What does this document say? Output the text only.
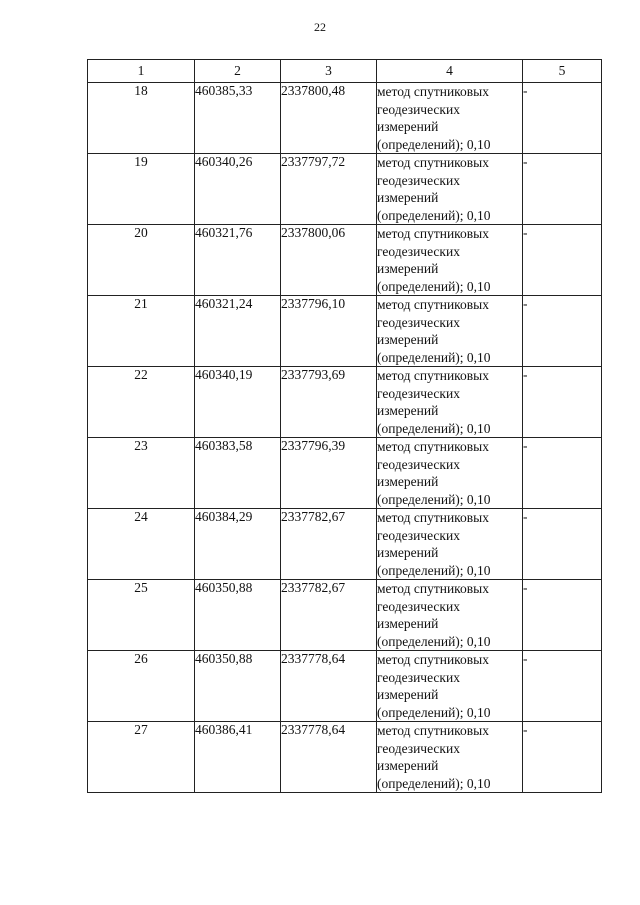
22
1	2	3	4	5
18	460385,33	2337800,48	метод спутниковых
геодезических
измерений
(определений); 0,10	-
19	460340,26	2337797,72	метод спутниковых
геодезических
измерений
(определений); 0,10	-
20	460321,76	2337800,06	метод спутниковых
геодезических
измерений
(определений); 0,10	-
21	460321,24	2337796,10	метод спутниковых
геодезических
измерений
(определений); 0,10	-
22	460340,19	2337793,69	метод спутниковых
геодезических
измерений
(определений); 0,10	-
23	460383,58	2337796,39	метод спутниковых
геодезических
измерений
(определений); 0,10	-
24	460384,29	2337782,67	метод спутниковых
геодезических
измерений
(определений); 0,10	-
25	460350,88	2337782,67	метод спутниковых
геодезических
измерений
(определений); 0,10	-
26	460350,88	2337778,64	метод спутниковых
геодезических
измерений
(определений); 0,10	-
27	460386,41	2337778,64	метод спутниковых
геодезических
измерений
(определений); 0,10	-
